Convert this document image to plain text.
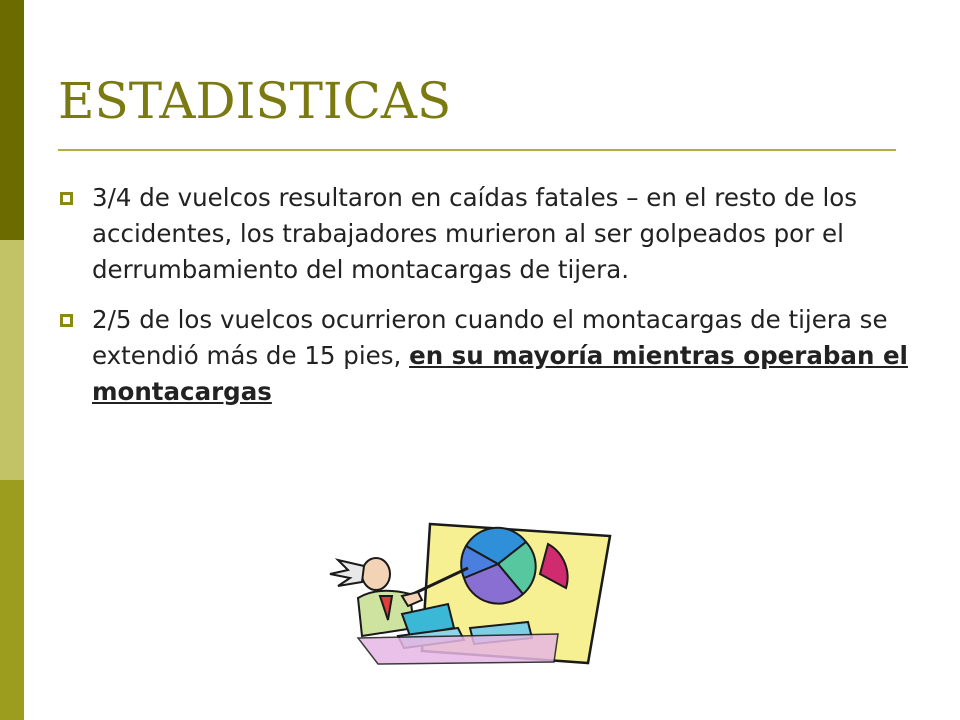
ESTADISTICAS
3/4 de vuelcos resultaron en caídas fatales – en el resto de los accidentes, los trabajadores murieron al ser golpeados por el derrumbamiento del montacargas de tijera.
2/5 de los vuelcos ocurrieron cuando el montacargas de tijera se extendió más de 15 pies, en su mayoría mientras operaban el montacargas
